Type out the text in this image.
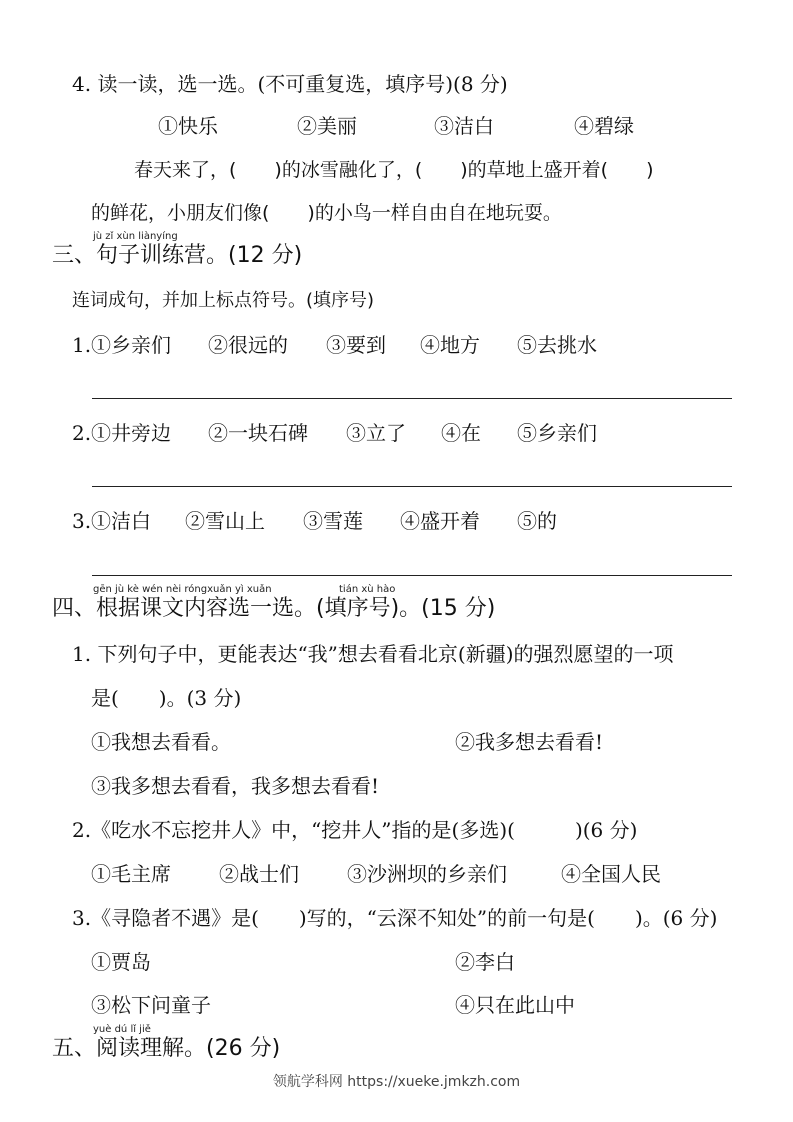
4. 读一读，选一选。(不可重复选，填序号)(8 分)
①快乐	②美丽	③洁白	④碧绿
春天来了，(　　)的冰雪融化了，(　　)的草地上盛开着(　　)
的鲜花，小朋友们像(　　)的小鸟一样自由自在地玩耍。
jù zǐ xùn liànyíng
三、句子训练营。(12 分)
连词成句，并加上标点符号。(填序号)
1. ①乡亲们 ②很远的 ③要到 ④地方 ⑤去挑水
2. ①井旁边 ②一块石碑 ③立了 ④在 ⑤乡亲们
3. ①洁白 ②雪山上 ③雪莲 ④盛开着 ⑤的
gēn jù kè wén nèi róngxuǎn yì xuǎn	tián xù hào
四、根据课文内容选一选。(填序号)。(15 分)
1. 下列句子中，更能表达“我”想去看看北京(新疆)的强烈愿望的一项
是(　　)。(3 分)
①我想去看看。	②我多想去看看!
③我多想去看看，我多想去看看!
2.《吃水不忘挖井人》中，“挖井人”指的是(多选)(　　　)(6 分)
①毛主席 ②战士们 ③沙洲坝的乡亲们	④全国人民
3.《寻隐者不遇》是(　　)写的，“云深不知处”的前一句是(　　)。(6 分)
①贾岛	②李白
③松下问童子	④只在此山中
yuè dú lǐ jiě
五、阅读理解。(26 分)
领航学科网 https://xueke.jmkzh.com
